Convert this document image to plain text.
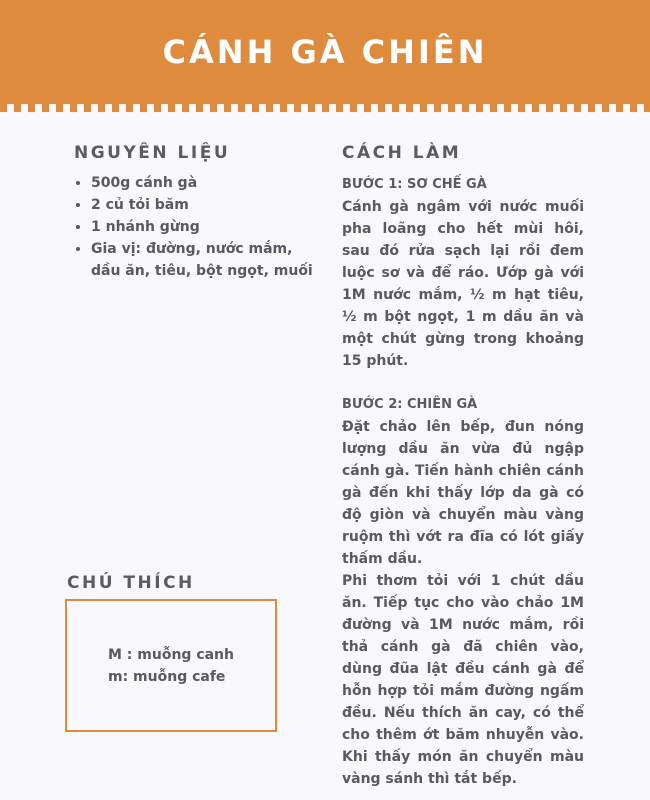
CÁNH GÀ CHIÊN
NGUYÊN LIỆU
• 500g cánh gà
• 2 củ tỏi băm
• 1 nhánh gừng
• Gia vị: đường, nước mắm, dầu ăn, tiêu, bột ngọt, muối
CÁCH LÀM
BƯỚC 1: SƠ CHẾ GÀ

Cánh gà ngâm với nước muối pha loãng cho hết mùi hôi, sau đó rửa sạch lại rồi đem luộc sơ và để ráo. Ướp gà với 1M nước mắm, ½ m hạt tiêu, ½ m bột ngọt, 1 m dầu ăn và một chút gừng trong khoảng 15 phút.

BƯỚC 2: CHIÊN GÀ

Đặt chảo lên bếp, đun nóng lượng dầu ăn vừa đủ ngập cánh gà. Tiến hành chiên cánh gà đến khi thấy lớp da gà có độ giòn và chuyển màu vàng ruộm thì vớt ra đĩa có lót giấy thấm dầu.

Phi thơm tỏi với 1 chút dầu ăn. Tiếp tục cho vào chảo 1M đường và 1M nước mắm, rồi thả cánh gà đã chiên vào, dùng đũa lật đều cánh gà để hỗn hợp tỏi mắm đường ngấm đều. Nếu thích ăn cay, có thể cho thêm ớt băm nhuyễn vào. Khi thấy món ăn chuyển màu vàng sánh thì tắt bếp.

CHÚ THÍCH
M : muỗng canh
m: muỗng cafe
